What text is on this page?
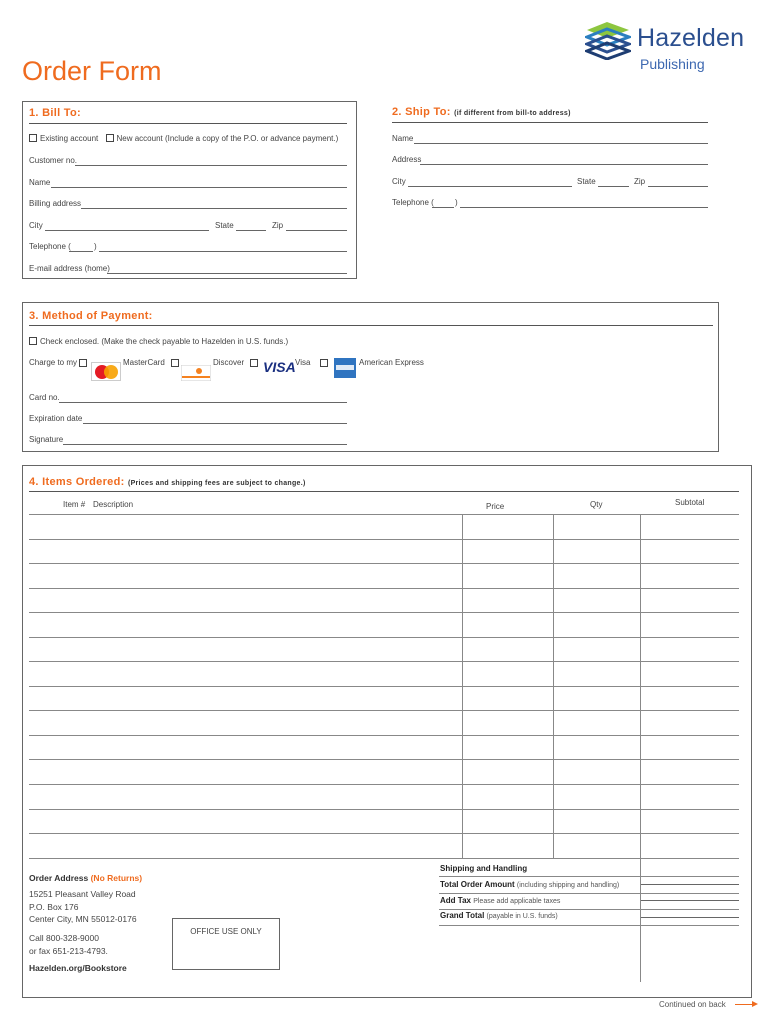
Hazelden
Publishing
Order Form
1. Bill To:
Existing account New account (Include a copy of the P.O. or advance payment.)
Customer no.
Name
Billing address
City	State	Zip
Telephone (	)
E-mail address (home)
2. Ship To: (if different from bill-to address)
Name
Address
City	State	Zip
Telephone (	)
3. Method of Payment:
Check enclosed. (Make the check payable to Hazelden in U.S. funds.)
Charge to my	MasterCard	Discover VISA Visa	American Express
Card no.
Expiration date
Signature
4. Items Ordered: (Prices and shipping fees are subject to change.)
Item # Description	Price	Qty	Subtotal
Shipping and Handling
Total Order Amount (including shipping and handling)
Add Tax Please add applicable taxes
Grand Total (payable in U.S. funds)
Order Address (No Returns)
15251 Pleasant Valley Road
P.O. Box 176
Center City, MN 55012-0176
Call 800-328-9000
or fax 651-213-4793.
Hazelden.org/Bookstore
OFFICE USE ONLY
Continued on back
